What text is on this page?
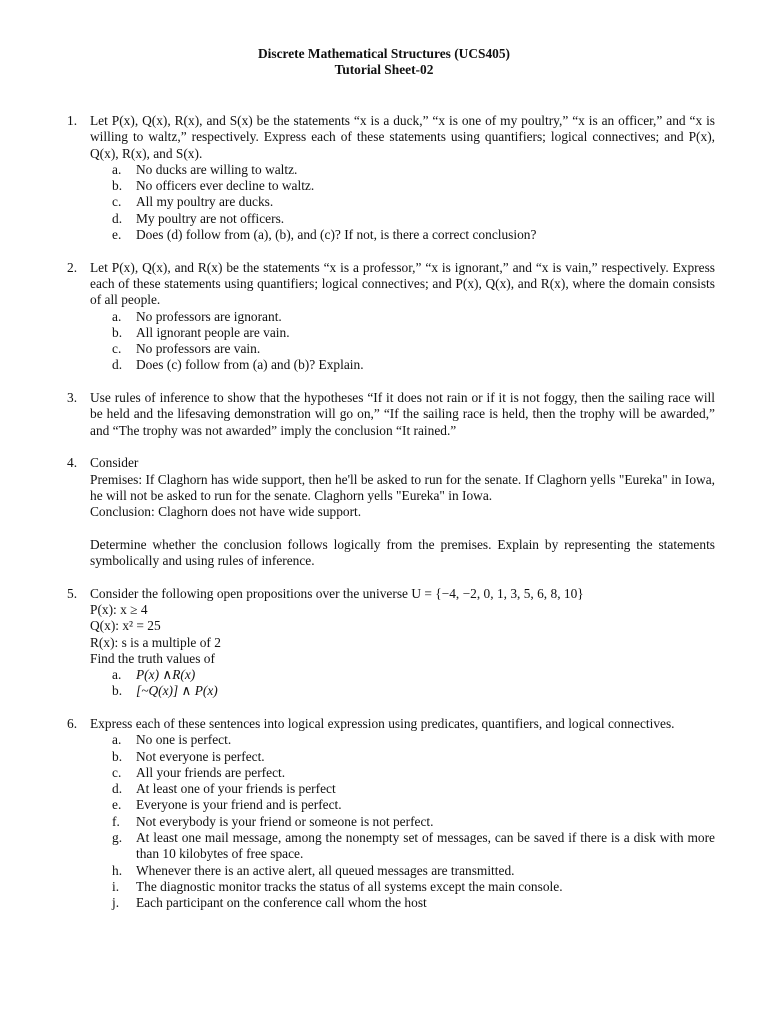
Discrete Mathematical Structures (UCS405)
Tutorial Sheet-02
1. Let P(x), Q(x), R(x), and S(x) be the statements “x is a duck,” “x is one of my poultry,” “x is an officer,” and “x is willing to waltz,” respectively. Express each of these statements using quantifiers; logical connectives; and P(x), Q(x), R(x), and S(x).
a.	No ducks are willing to waltz.
b.	No officers ever decline to waltz.
c.	All my poultry are ducks.
d.	My poultry are not officers.
e.	Does (d) follow from (a), (b), and (c)? If not, is there a correct conclusion?
2. Let P(x), Q(x), and R(x) be the statements “x is a professor,” “x is ignorant,” and “x is vain,” respectively. Express each of these statements using quantifiers; logical connectives; and P(x), Q(x), and R(x), where the domain consists of all people.
a.	No professors are ignorant.
b.	All ignorant people are vain.
c.	No professors are vain.
d.	Does (c) follow from (a) and (b)? Explain.
3. Use rules of inference to show that the hypotheses “If it does not rain or if it is not foggy, then the sailing race will be held and the lifesaving demonstration will go on,” “If the sailing race is held, then the trophy will be awarded,” and “The trophy was not awarded” imply the conclusion “It rained.”
4. Consider
Premises: If Claghorn has wide support, then he'll be asked to run for the senate. If Claghorn yells "Eureka" in Iowa, he will not be asked to run for the senate. Claghorn yells "Eureka" in Iowa.
Conclusion: Claghorn does not have wide support.
Determine whether the conclusion follows logically from the premises. Explain by representing the statements symbolically and using rules of inference.
5. Consider the following open propositions over the universe U = {−4, −2, 0, 1, 3, 5, 6, 8, 10}
P(x): x ≥ 4
Q(x): x² = 25
R(x): s is a multiple of 2
Find the truth values of
a.	P(x) ∧R(x)
b.	[~Q(x)] ∧ P(x)
6. Express each of these sentences into logical expression using predicates, quantifiers, and logical connectives.
a.	No one is perfect.
b.	Not everyone is perfect.
c.	All your friends are perfect.
d.	At least one of your friends is perfect
e.	Everyone is your friend and is perfect.
f.	Not everybody is your friend or someone is not perfect.
g.	At least one mail message, among the nonempty set of messages, can be saved if there is a disk with more than 10 kilobytes of free space.
h.	Whenever there is an active alert, all queued messages are transmitted.
i.	The diagnostic monitor tracks the status of all systems except the main console.
j.	Each participant on the conference call whom the host
